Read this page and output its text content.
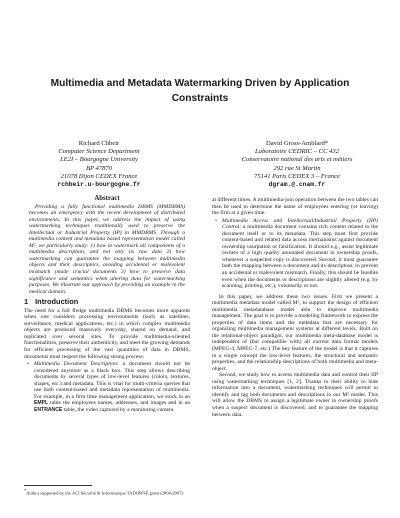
Multimedia and Metadata Watermarking Driven by Application Constraints
Richard Chbeir
Computer Science Department
LE2I – Bourgogne University
BP 47870
21078 Dijon CEDEX France
rchbeir.u-bourgogne.fr
David Gross-Amblard*
Laboratoire CEDRIC – CC 432
Conservatoire national des arts et métiers
292 rue St Martin
75141 Paris CEDEX 3 – France
dgram.@.cnam.fr
Abstract

Providing a fully functional multimedia DBMS (MMDBMS) becomes an emergency with the recent development of distributed environments. In this paper, we address the impact of using watermarking techniques traditionally used to preserve the Intellectual or Industrial Property (IP) in MMDBMS. Through a multimedia content and metadata based representation model called M², we particularly study: 1) how to watermark all components of a multimedia description, and not only its raw data 2) how watermarking can guarantee the mapping between multimedia objects and their descriptors, avoiding accidental or malevolent mismatch (made crucial documents 3) how to preserve data significance and semantics when altering data for watermarking purposes. We illustrate our approach by providing an example in the medical domain.

1 Introduction

The need for a full fledge multimedia DBMS becomes more apparent when one considers processing environments (such as satellites, surveillance, medical applications, etc.) in which complex multimedia objects are produced massively everyday, shared on demand, and replicated over several sites. To provide multimedia-oriented functionalities, preserve their authenticity, and meet the growing demands for efficient processing of the vast quantities of data in DBMS, documents must respect the following strong process:

• Multimedia Document Description: a document should not be considered anymore as a black box. This step allows describing documents by several types of low-level features (colors, textures, shapes, etc.) and metadata. This is vital for multi-criteria queries that use both content-based and metadata representation of multimedia. For example, in a firm time management application, we stock in an EMPL table the employees names, addresses, and images and in an ENTRANCE table, the video captured by a monitoring camera
*Author supported by the ACI Sécurité & Informatique TADORNE grant (2004-2007)

at different times. A multimedia-join operation between the two tables can then be used to determine the name of employees entering (or leaving) the firm at a given time.

• Multimedia Access and Intellectual/Industrial Property (IIP) Control: a multimedia document contains rich content related to the document itself or to its metadata. This step must first provide content-based and related data access mechanisms against document ownership usurpation or falsification. It should e.g., assist legitimate owners of a high quality annotated document in ownership proofs, whenever a suspected copy is discovered. Second, it must guarantee both the mapping between a document and its description, to prevent an accidental or malevolent mismatch. Finally, this should be feasible even when the documents or descriptions are slightly altered (e.g. by scanning, printing, etc.), voluntarily or not.

In this paper, we address these two issues. First we present a multimedia metadata model called M², to support the design of efficient multimedia metadatabase model able to improve multimedia management. The goal is to provide a modeling framework to express the properties of data items and the metadata that are necessary for organizing multimedia management systems at different levels. Built on the relational-object paradigm, our multimedia meta-database model is independent of (but compatible with) all current data format models (MPEG-4, MPEG-7, etc.) The key feature of the model is that it captures in a single concept the low-level features, the structural and semantic properties, and the relationship descriptions of both multimedia and meta-object.

Second, we study how to access multimedia data and control their IIP using watermarking techniques [1, 2]. Thanks to their ability to hide information into a document, watermarking techniques will permit to identify and tag both documents and descriptions in our M² model. This will allow the DBMS to assign a legitimate owner in ownership proofs when a suspect document is discovered, and to guarantee the mapping between data.
